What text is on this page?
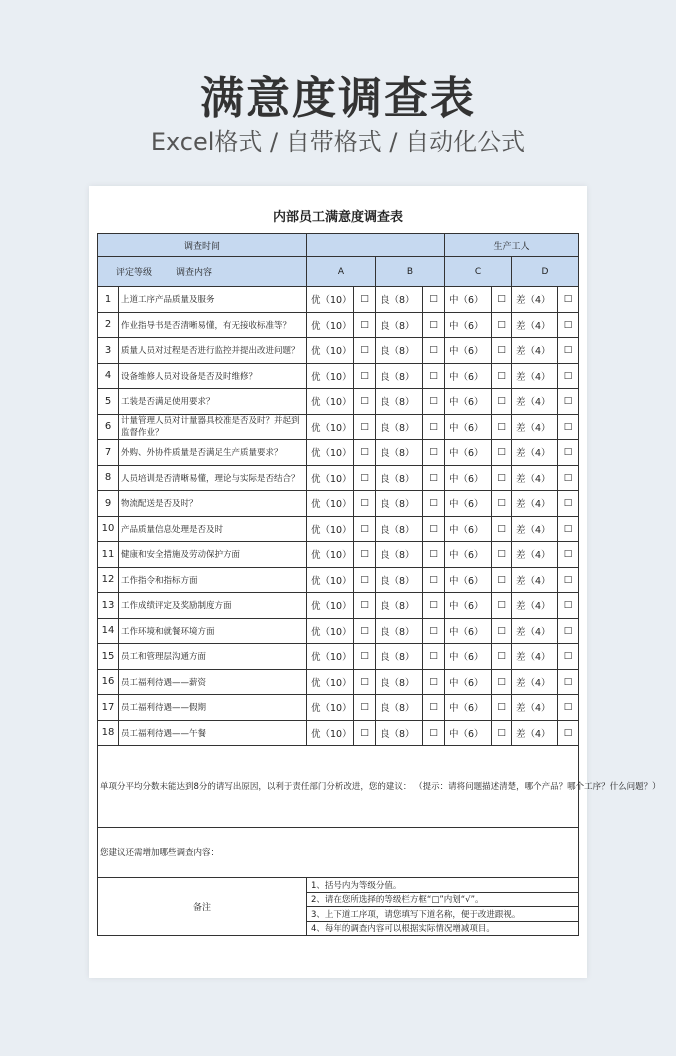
满意度调查表
Excel格式 / 自带格式 / 自动化公式
内部员工满意度调查表
调查时间						生产工人			

评定等级 调查内容		A		B		C		D	
1	上道工序产品质量及服务	优（10）	□	良（8）	□	中（6）	□	差（4）	□
2	作业指导书是否清晰易懂，有无接收标准等？	优（10）	□	良（8）	□	中（6）	□	差（4）	□
3	质量人员对过程是否进行监控并提出改进问题？	优（10）	□	良（8）	□	中（6）	□	差（4）	□
4	设备维修人员对设备是否及时维修？	优（10）	□	良（8）	□	中（6）	□	差（4）	□
5	工装是否满足使用要求？	优（10）	□	良（8）	□	中（6）	□	差（4）	□
6	计量管理人员对计量器具校准是否及时？并起到监督作业？	优（10）	□	良（8）	□	中（6）	□	差（4）	□
7	外购、外协件质量是否满足生产质量要求？	优（10）	□	良（8）	□	中（6）	□	差（4）	□
8	人员培训是否清晰易懂，理论与实际是否结合？	优（10）	□	良（8）	□	中（6）	□	差（4）	□
9	物流配送是否及时？	优（10）	□	良（8）	□	中（6）	□	差（4）	□
10	产品质量信息处理是否及时	优（10）	□	良（8）	□	中（6）	□	差（4）	□
11	健康和安全措施及劳动保护方面	优（10）	□	良（8）	□	中（6）	□	差（4）	□
12	工作指令和指标方面	优（10）	□	良（8）	□	中（6）	□	差（4）	□
13	工作成绩评定及奖励制度方面	优（10）	□	良（8）	□	中（6）	□	差（4）	□
14	工作环境和就餐环境方面	优（10）	□	良（8）	□	中（6）	□	差（4）	□
15	员工和管理层沟通方面	优（10）	□	良（8）	□	中（6）	□	差（4）	□
16	员工福利待遇——薪资	优（10）	□	良（8）	□	中（6）	□	差（4）	□
17	员工福利待遇——假期	优（10）	□	良（8）	□	中（6）	□	差（4）	□
18	员工福利待遇——午餐	优（10）	□	良（8）	□	中（6）	□	差（4）	□
单项分平均分数未能达到8分的请写出原因，以利于责任部门分析改进，您的建议： （提示：请将问题描述清楚，哪个产品？哪个工序？什么问题？）									
您建议还需增加哪些调查内容：									
备注		1、括号内为等级分值。							
		2、请在您所选择的等级栏方框“□”内划“√”。							
		3、上下道工序项，请您填写下道名称，便于改进跟视。							
		4、每年的调查内容可以根据实际情况增减项目。							
